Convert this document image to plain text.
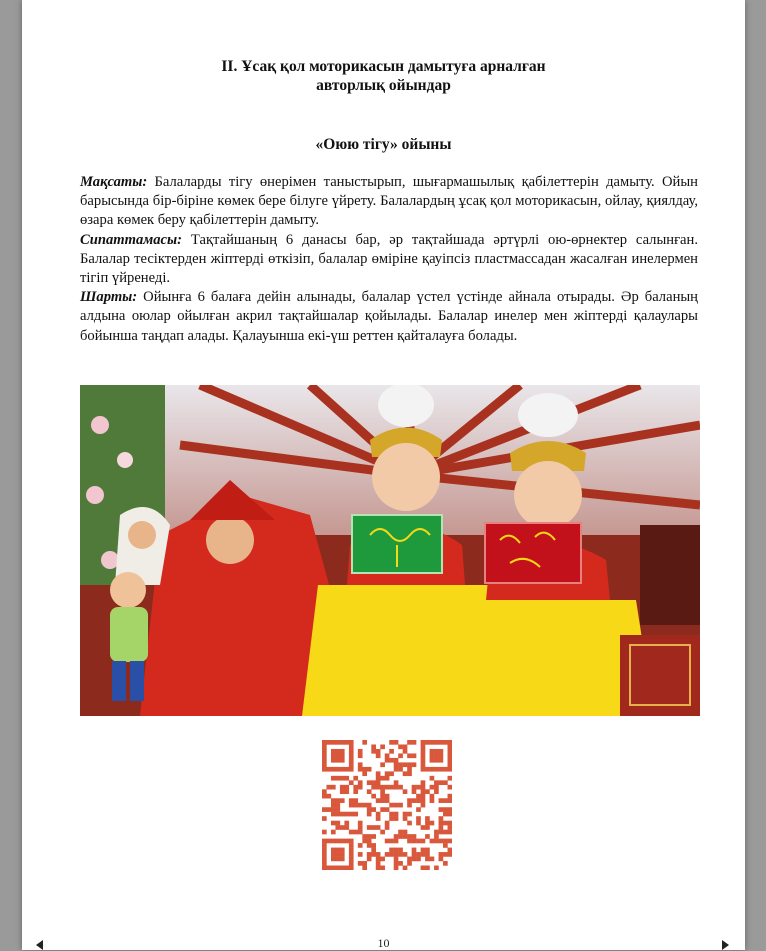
II. Ұсақ қол моторикасын дамытуға арналған
авторлық ойындар
«Оюю тігу» ойыны

Мақсаты: Балаларды тігу өнерімен таныстырып, шығармашылық қабілеттерін дамыту. Ойын барысында бір-біріне көмек бере білуге үйрету. Балалардың ұсақ қол моторикасын, ойлау, қиялдау, өзара көмек беру қабілеттерін дамыту.

Сипаттамасы: Тақтайшаның 6 данасы бар, әр тақтайшада әртүрлі ою-өрнектер салынған. Балалар тесіктерден жіптерді өткізіп, балалар өміріне қауіпсіз пластмассадан жасалған инелермен тігіп үйренеді.

Шарты: Ойынға 6 балаға дейін алынады, балалар үстел үстінде айнала отырады. Әр баланың алдына оюлар ойылған акрил тақтайшалар қойылады. Балалар инелер мен жіптерді қалаулары бойынша таңдап алады. Қалауынша екі-үш реттен қайталауға болады.

10
